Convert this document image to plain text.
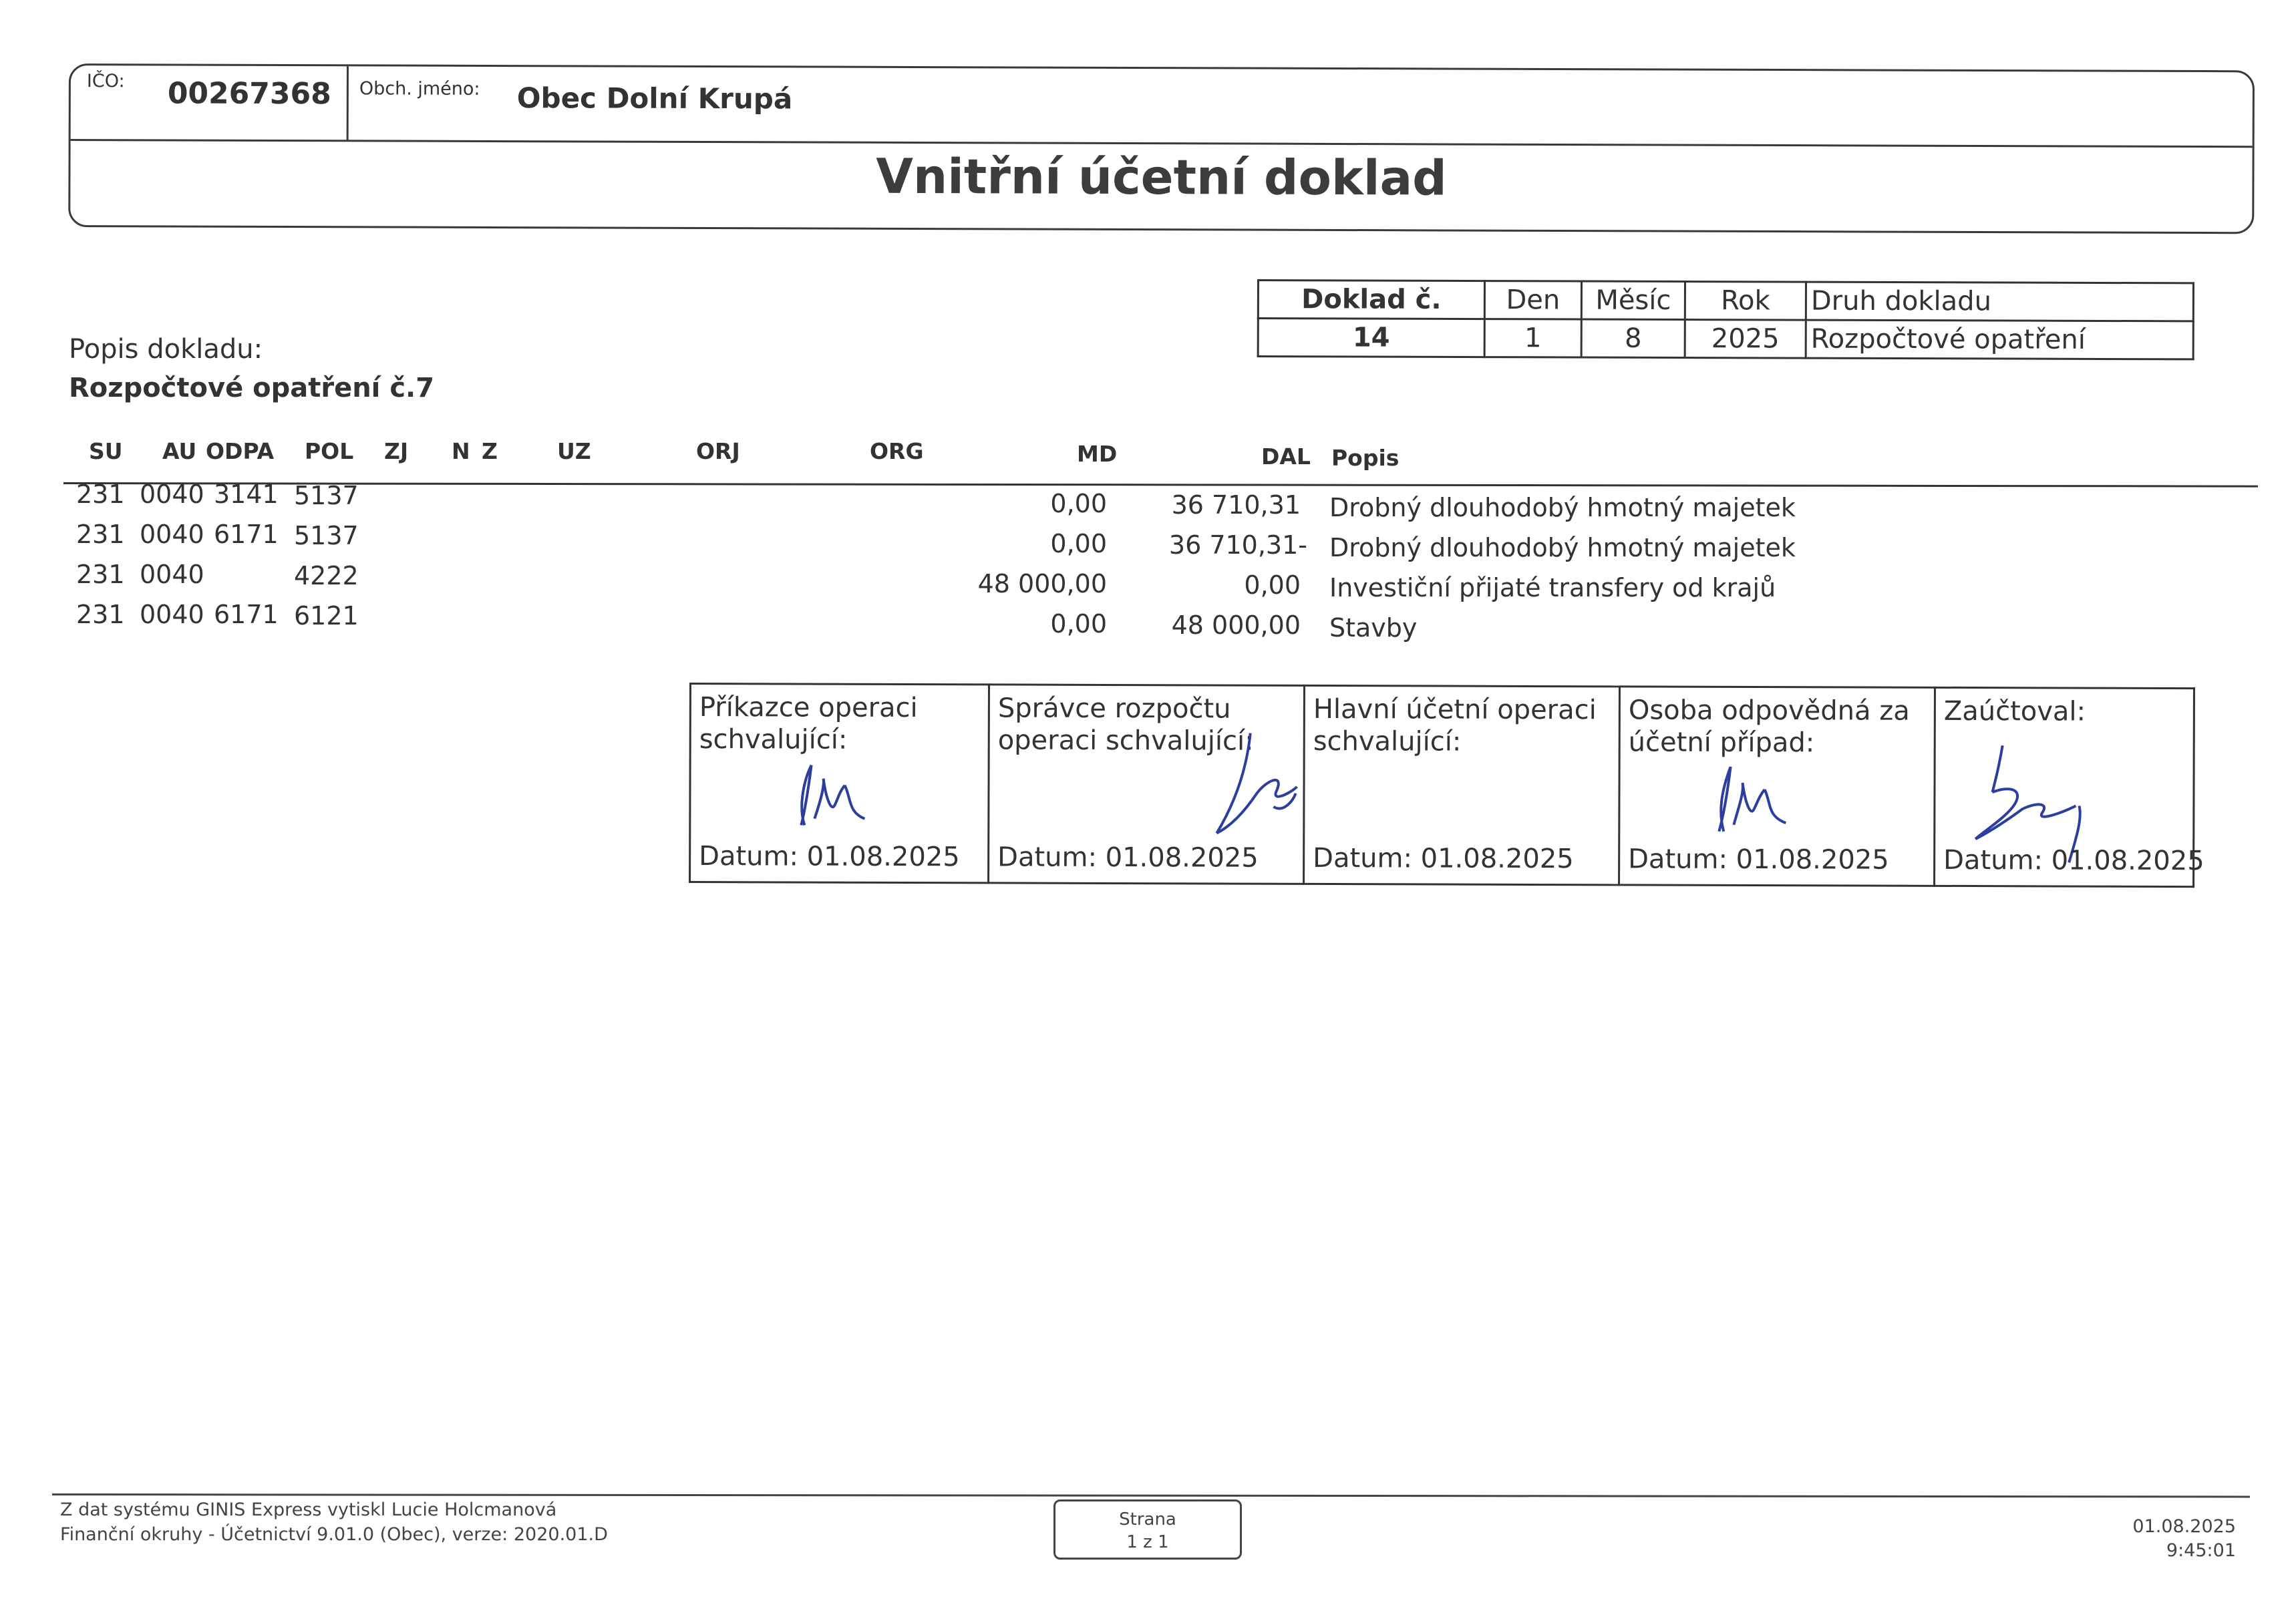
IČO: 00267368 Obch. jméno: Obec Dolní Krupá
Vnitřní účetní doklad
Doklad č.	Den	Měsíc	Rok	Druh dokladu
14	1	8	2025	Rozpočtové opatření
Popis dokladu:
Rozpočtové opatření č.7
SU AU ODPA POL ZJ N Z	UZ	ORJ	ORG	MD	DAL Popis
231 0040 3141 5137	0,00	36 710,31 Drobný dlouhodobý hmotný majetek
231 0040 6171 5137	0,00 36 710,31- Drobný dlouhodobý hmotný majetek
231 0040	4222	48 000,00	0,00 Investiční přijaté transfery od krajů
231 0040 6171 6121	0,00	48 000,00 Stavby
Příkazce operaci
schvalující:
Datum: 01.08.2025

Správce rozpočtu
operaci schvalující:
Datum: 01.08.2025

Hlavní účetní operaci
schvalující:
Datum: 01.08.2025

Osoba odpovědná za
účetní případ:
Datum: 01.08.2025

Zaúčtoval:
Datum: 01.08.2025
Z dat systému GINIS Express vytiskl Lucie Holcmanová
Finanční okruhy - Účetnictví 9.01.0 (Obec), verze: 2020.01.D
Strana
1 z 1
01.08.2025
9:45:01
